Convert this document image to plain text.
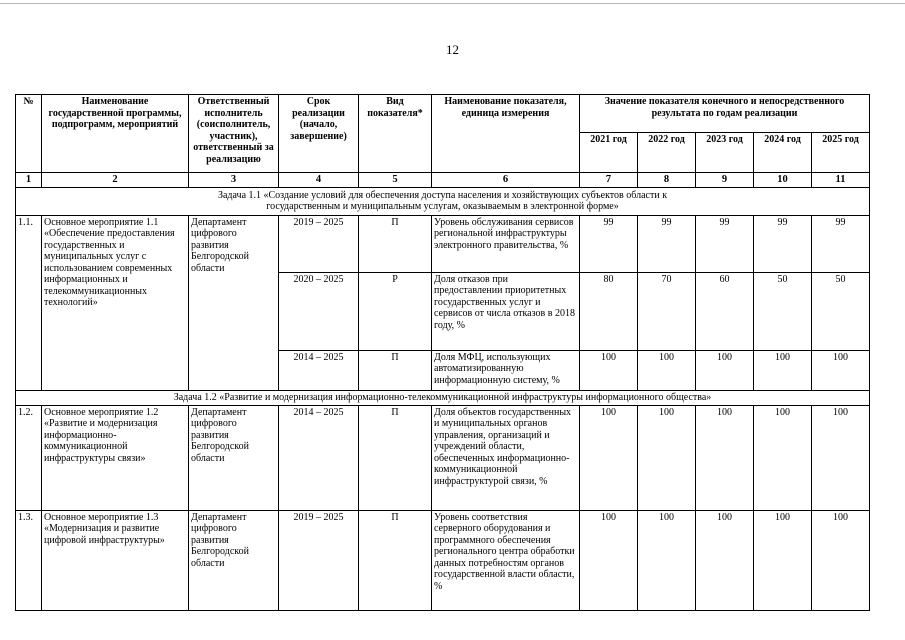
12
№	Наименование государственной программы, подпрограмм, мероприятий	Ответственный исполнитель (соисполнитель, участник), ответственный за реализацию	Срок реализации (начало, завершение)	Вид показателя*	Наименование показателя, единица измерения	Значение показателя конечного и непосредственного результата по годам реализации				
						2021 год	2022 год	2023 год	2024 год	2025 год
1	2	3	4	5	6	7	8	9	10	11
Задача 1.1 «Создание условий для обеспечения доступа населения и хозяйствующих субъектов области к государственным и муниципальным услугам, оказываемым в электронной форме»										
1.1.	Основное мероприятие 1.1 «Обеспечение предоставления государственных и муниципальных услуг с использованием современных информационных и телекоммуникационных технологий»	Департамент цифрового развития Белгородской области	2019 – 2025	П	Уровень обслуживания сервисов региональной инфраструктуры электронного правительства, %	99	99	99	99	99
			2020 – 2025	Р	Доля отказов при предоставлении приоритетных государственных услуг и сервисов от числа отказов в 2018 году, %	80	70	60	50	50
			2014 – 2025	П	Доля МФЦ, использующих автоматизированную информационную систему, %	100	100	100	100	100
Задача 1.2 «Развитие и модернизация информационно-телекоммуникационной инфраструктуры информационного общества»										
1.2.	Основное мероприятие 1.2 «Развитие и модернизация информационно-коммуникационной инфраструктуры связи»	Департамент цифрового развития Белгородской области	2014 – 2025	П	Доля объектов государственных и муниципальных органов управления, организаций и учреждений области, обеспеченных информационно-коммуникационной инфраструктурой связи, %	100	100	100	100	100
1.3.	Основное мероприятие 1.3 «Модернизация и развитие цифровой инфраструктуры»	Департамент цифрового развития Белгородской области	2019 – 2025	П	Уровень соответствия серверного оборудования и программного обеспечения регионального центра обработки данных потребностям органов государственной власти области, %	100	100	100	100	100
